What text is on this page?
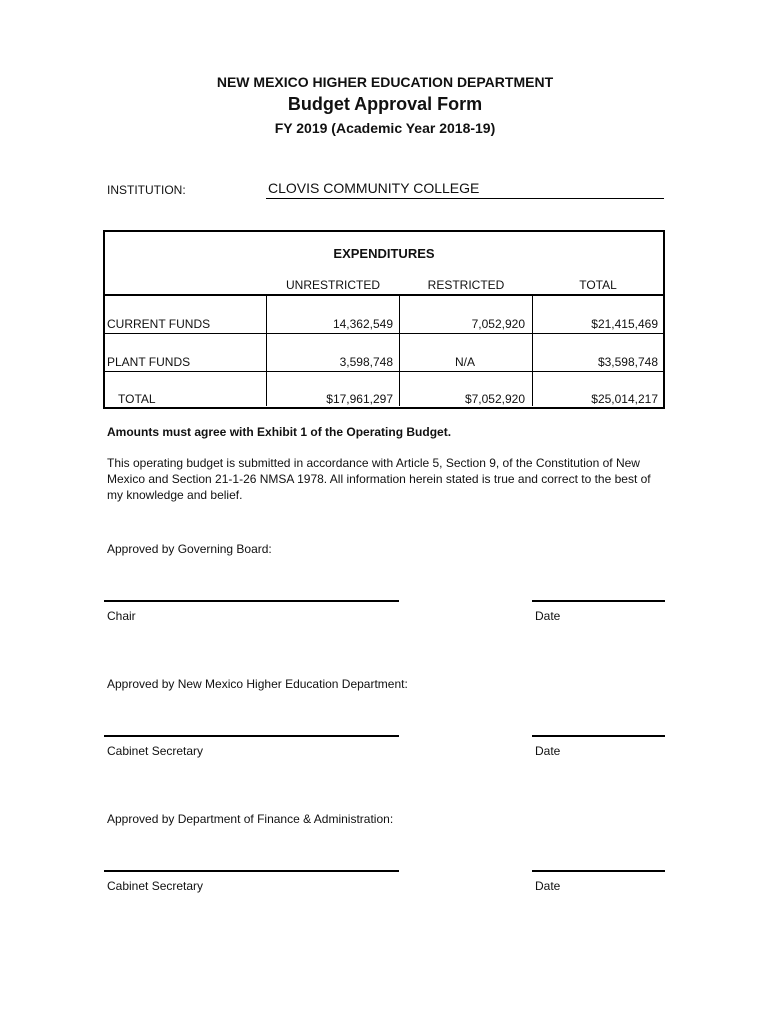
NEW MEXICO HIGHER EDUCATION DEPARTMENT
Budget Approval Form
FY 2019 (Academic Year 2018-19)
INSTITUTION:	CLOVIS COMMUNITY COLLEGE
EXPENDITURES
UNRESTRICTED	RESTRICTED	TOTAL
CURRENT FUNDS	14,362,549	7,052,920	$21,415,469
PLANT FUNDS	3,598,748	N/A	$3,598,748
TOTAL	$17,961,297	$7,052,920	$25,014,217
Amounts must agree with Exhibit 1 of the Operating Budget.
This operating budget is submitted in accordance with Article 5, Section 9, of the Constitution of New Mexico and Section 21-1-26 NMSA 1978. All information herein stated is true and correct to the best of my knowledge and belief.
Approved by Governing Board:
Chair	Date
Approved by New Mexico Higher Education Department:
Cabinet Secretary	Date
Approved by Department of Finance & Administration:
Cabinet Secretary	Date
